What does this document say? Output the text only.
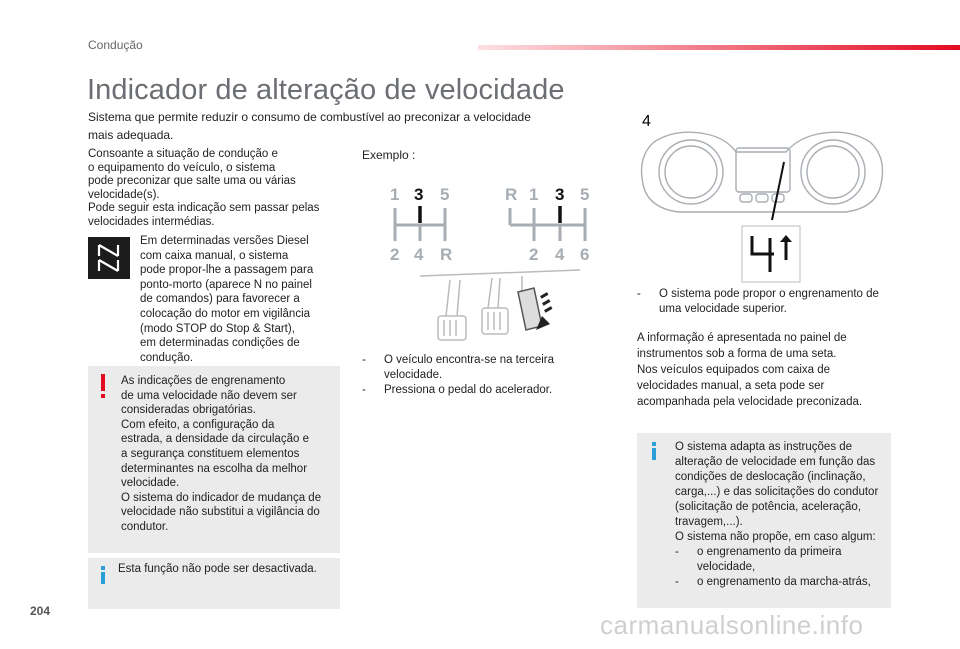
Condução
Indicador de alteração de velocidade
Sistema que permite reduzir o consumo de combustível ao preconizar a velocidade mais adequada.
Consoante a situação de condução e
o equipamento do veículo, o sistema
pode preconizar que salte uma ou várias
velocidade(s).
Pode seguir esta indicação sem passar pelas
velocidades intermédias.
Em determinadas versões Diesel
com caixa manual, o sistema
pode propor-lhe a passagem para
ponto-morto (aparece N no painel
de comandos) para favorecer a
colocação do motor em vigilância
(modo STOP do Stop & Start),
em determinadas condições de
condução.
As indicações de engrenamento
de uma velocidade não devem ser
consideradas obrigatórias.
Com efeito, a configuração da
estrada, a densidade da circulação e
a segurança constituem elementos
determinantes na escolha da melhor
velocidade.
O sistema do indicador de mudança de
velocidade não substitui a vigilância do
condutor.
Esta função não pode ser desactivada.
Exemplo :
1 3 5
2 4 R
R 1 3 5
2 4 6
- O veículo encontra-se na terceira
velocidade.
- Pressiona o pedal do acelerador.
4
- O sistema pode propor o engrenamento de
uma velocidade superior.
A informação é apresentada no painel de
instrumentos sob a forma de uma seta.
Nos veículos equipados com caixa de
velocidades manual, a seta pode ser
acompanhada pela velocidade preconizada.
O sistema adapta as instruções de
alteração de velocidade em função das
condições de deslocação (inclinação,
carga,...) e das solicitações do condutor
(solicitação de potência, aceleração,
travagem,...).
O sistema não propõe, em caso algum:
- o engrenamento da primeira
velocidade,
- o engrenamento da marcha-atrás,
204	carmanualsonline.info
